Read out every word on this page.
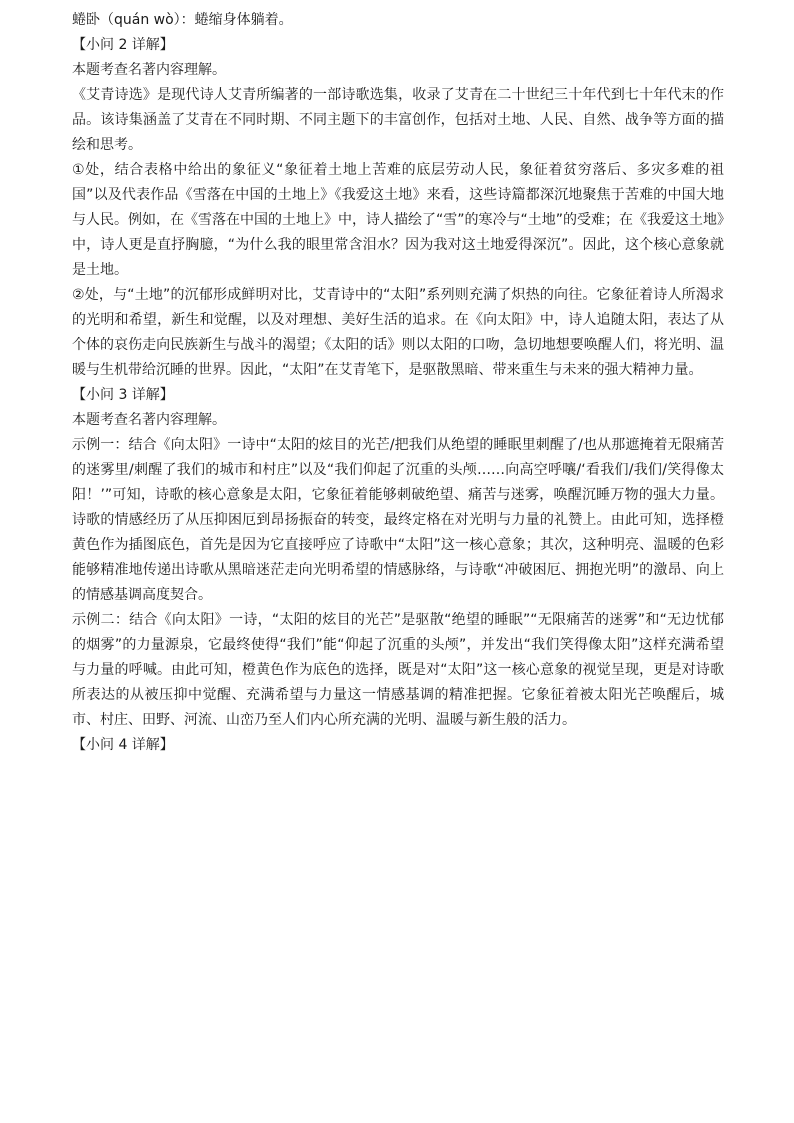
蜷卧（quán wò）：蜷缩身体躺着。

【小问 2 详解】

本题考查名著内容理解。

《艾青诗选》是现代诗人艾青所编著的一部诗歌选集，收录了艾青在二十世纪三十年代到七十年代末的作品。该诗集涵盖了艾青在不同时期、不同主题下的丰富创作，包括对土地、人民、自然、战争等方面的描绘和思考。

①处，结合表格中给出的象征义“象征着土地上苦难的底层劳动人民，象征着贫穷落后、多灾多难的祖国”以及代表作品《雪落在中国的土地上》《我爱这土地》来看，这些诗篇都深沉地聚焦于苦难的中国大地与人民。例如，在《雪落在中国的土地上》中，诗人描绘了“雪”的寒冷与“土地”的受难；在《我爱这土地》中，诗人更是直抒胸臆，“为什么我的眼里常含泪水？因为我对这土地爱得深沉”。因此，这个核心意象就是土地。

②处，与“土地”的沉郁形成鲜明对比，艾青诗中的“太阳”系列则充满了炽热的向往。它象征着诗人所渴求的光明和希望，新生和觉醒，以及对理想、美好生活的追求。在《向太阳》中，诗人追随太阳，表达了从个体的哀伤走向民族新生与战斗的渴望；《太阳的话》则以太阳的口吻，急切地想要唤醒人们，将光明、温暖与生机带给沉睡的世界。因此，“太阳”在艾青笔下，是驱散黑暗、带来重生与未来的强大精神力量。

【小问 3 详解】

本题考查名著内容理解。

示例一：结合《向太阳》一诗中“太阳的炫目的光芒/把我们从绝望的睡眠里刺醒了/也从那遮掩着无限痛苦的迷雾里/刺醒了我们的城市和村庄”以及“我们仰起了沉重的头颅……向高空呼嚷/‘看我们/我们/笑得像太阳！’”可知，诗歌的核心意象是太阳，它象征着能够刺破绝望、痛苦与迷雾，唤醒沉睡万物的强大力量。诗歌的情感经历了从压抑困厄到昂扬振奋的转变，最终定格在对光明与力量的礼赞上。由此可知，选择橙黄色作为插图底色，首先是因为它直接呼应了诗歌中“太阳”这一核心意象；其次，这种明亮、温暖的色彩能够精准地传递出诗歌从黑暗迷茫走向光明希望的情感脉络，与诗歌“冲破困厄、拥抱光明”的激昂、向上的情感基调高度契合。

示例二：结合《向太阳》一诗，“太阳的炫目的光芒”是驱散“绝望的睡眠”“无限痛苦的迷雾”和“无边忧郁的烟雾”的力量源泉，它最终使得“我们”能“仰起了沉重的头颅”，并发出“我们笑得像太阳”这样充满希望与力量的呼喊。由此可知，橙黄色作为底色的选择，既是对“太阳”这一核心意象的视觉呈现，更是对诗歌所表达的从被压抑中觉醒、充满希望与力量这一情感基调的精准把握。它象征着被太阳光芒唤醒后，城市、村庄、田野、河流、山峦乃至人们内心所充满的光明、温暖与新生般的活力。

【小问 4 详解】
